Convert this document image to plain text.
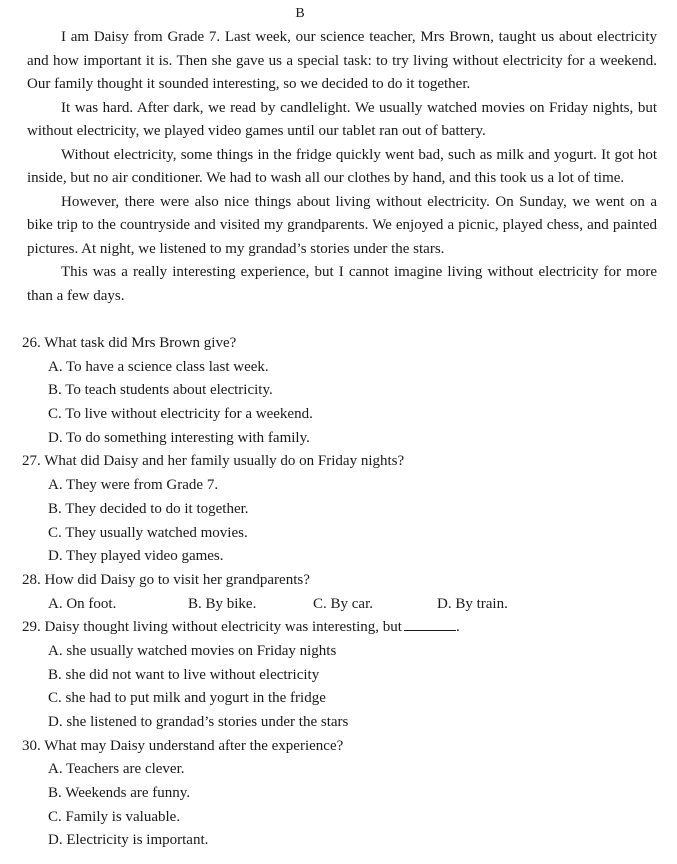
B

I am Daisy from Grade 7. Last week, our science teacher, Mrs Brown, taught us about electricity and how important it is. Then she gave us a special task: to try living without electricity for a weekend. Our family thought it sounded interesting, so we decided to do it together.

It was hard. After dark, we read by candlelight. We usually watched movies on Friday nights, but without electricity, we played video games until our tablet ran out of battery.

Without electricity, some things in the fridge quickly went bad, such as milk and yogurt. It got hot inside, but no air conditioner. We had to wash all our clothes by hand, and this took us a lot of time.

However, there were also nice things about living without electricity. On Sunday, we went on a bike trip to the countryside and visited my grandparents. We enjoyed a picnic, played chess, and painted pictures. At night, we listened to my grandad’s stories under the stars.

This was a really interesting experience, but I cannot imagine living without electricity for more than a few days.

26. What task did Mrs Brown give?
A. To have a science class last week.
B. To teach students about electricity.
C. To live without electricity for a weekend.
D. To do something interesting with family.
27. What did Daisy and her family usually do on Friday nights?
A. They were from Grade 7.
B. They decided to do it together.
C. They usually watched movies.
D. They played video games.
28. How did Daisy go to visit her grandparents?
A. On foot.	B. By bike.	C. By car.	D. By train.
29. Daisy thought living without electricity was interesting, but	.
A. she usually watched movies on Friday nights
B. she did not want to live without electricity
C. she had to put milk and yogurt in the fridge
D. she listened to grandad’s stories under the stars
30. What may Daisy understand after the experience?
A. Teachers are clever.
B. Weekends are funny.
C. Family is valuable.
D. Electricity is important.
